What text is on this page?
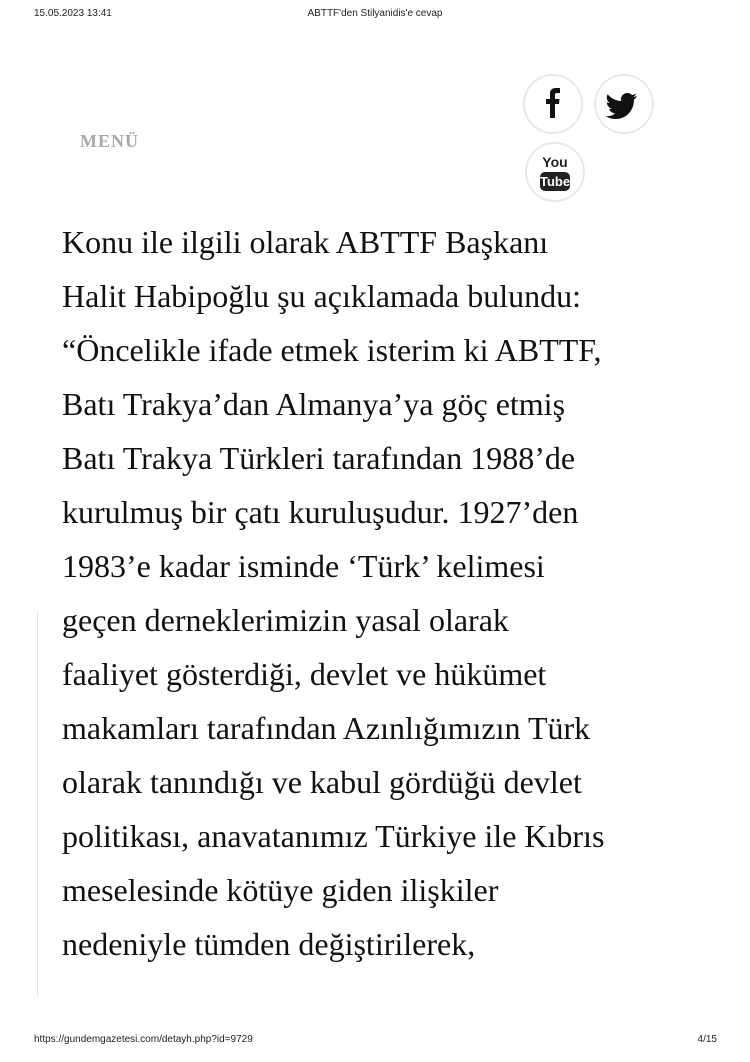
15.05.2023 13:41	ABTTF'den Stilyanidis'e cevap
MENÜ
You
Tube
Konu ile ilgili olarak ABTTF Başkanı
Halit Habipoğlu şu açıklamada bulundu:
“Öncelikle ifade etmek isterim ki ABTTF,
Batı Trakya’dan Almanya’ya göç etmiş
Batı Trakya Türkleri tarafından 1988’de
kurulmuş bir çatı kuruluşudur. 1927’den
1983’e kadar isminde ‘Türk’ kelimesi
geçen derneklerimizin yasal olarak
faaliyet gösterdiği, devlet ve hükümet
makamları tarafından Azınlığımızın Türk
olarak tanındığı ve kabul gördüğü devlet
politikası, anavatanımız Türkiye ile Kıbrıs
meselesinde kötüye giden ilişkiler
nedeniyle tümden değiştirilerek,
https://gundemgazetesi.com/detayh.php?id=9729	4/15
